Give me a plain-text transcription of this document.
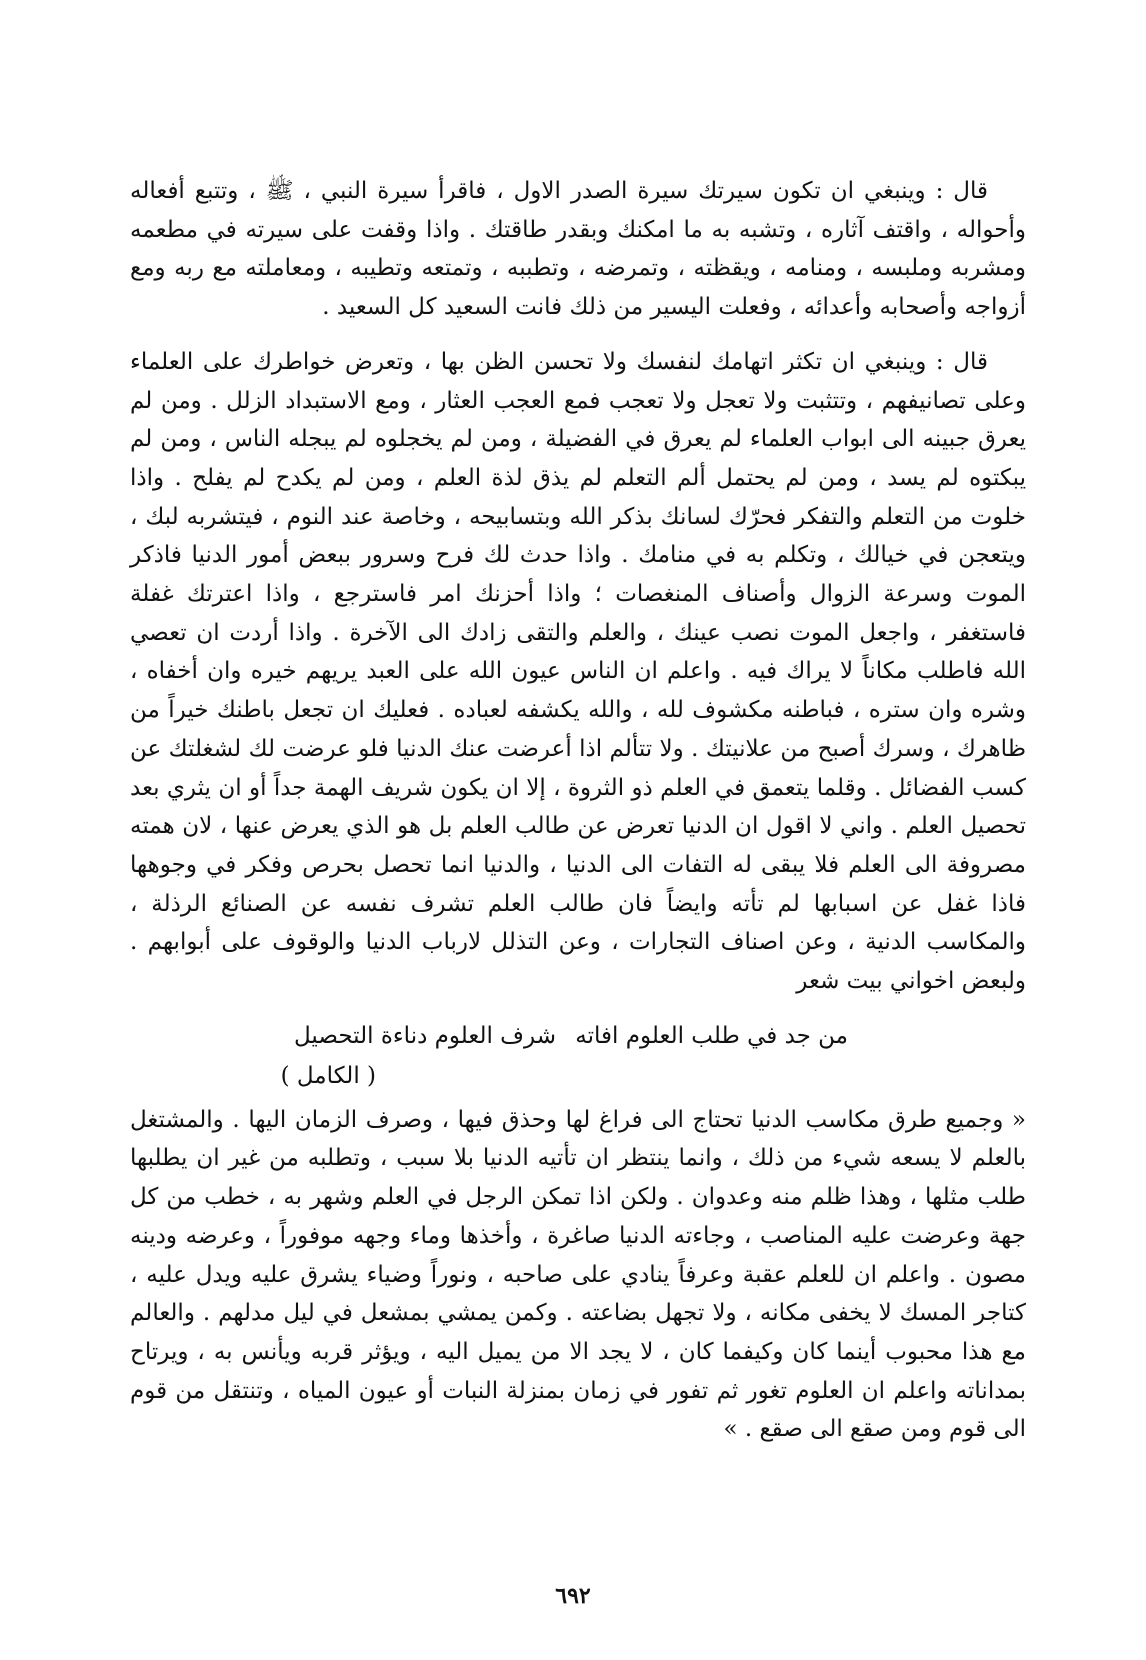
قال : وينبغي ان تكون سيرتك سيرة الصدر الاول ، فاقرأ سيرة النبي ، ﷺ ، وتتبع أفعاله وأحواله ، واقتف آثاره ، وتشبه به ما امكنك وبقدر طاقتك . واذا وقفت على سيرته في مطعمه ومشربه وملبسه ، ومنامه ، ويقظته ، وتمرضه ، وتطببه ، وتمتعه وتطيبه ، ومعاملته مع ربه ومع أزواجه وأصحابه وأعدائه ، وفعلت اليسير من ذلك فانت السعيد كل السعيد .

قال : وينبغي ان تكثر اتهامك لنفسك ولا تحسن الظن بها ، وتعرض خواطرك على العلماء وعلى تصانيفهم ، وتتثبت ولا تعجل ولا تعجب فمع العجب العثار ، ومع الاستبداد الزلل . ومن لم يعرق جبينه الى ابواب العلماء لم يعرق في الفضيلة ، ومن لم يخجلوه لم يبجله الناس ، ومن لم يبكتوه لم يسد ، ومن لم يحتمل ألم التعلم لم يذق لذة العلم ، ومن لم يكدح لم يفلح . واذا خلوت من التعلم والتفكر فحرّك لسانك بذكر الله وبتسابيحه ، وخاصة عند النوم ، فيتشربه لبك ، ويتعجن في خيالك ، وتكلم به في منامك . واذا حدث لك فرح وسرور ببعض أمور الدنيا فاذكر الموت وسرعة الزوال وأصناف المنغصات ؛ واذا أحزنك امر فاسترجع ، واذا اعترتك غفلة فاستغفر ، واجعل الموت نصب عينك ، والعلم والتقى زادك الى الآخرة . واذا أردت ان تعصي الله فاطلب مكاناً لا يراك فيه . واعلم ان الناس عيون الله على العبد يريهم خيره وان أخفاه ، وشره وان ستره ، فباطنه مكشوف لله ، والله يكشفه لعباده . فعليك ان تجعل باطنك خيراً من ظاهرك ، وسرك أصبح من علانيتك . ولا تتألم اذا أعرضت عنك الدنيا فلو عرضت لك لشغلتك عن كسب الفضائل . وقلما يتعمق في العلم ذو الثروة ، إلا ان يكون شريف الهمة جداً أو ان يثري بعد تحصيل العلم . واني لا اقول ان الدنيا تعرض عن طالب العلم بل هو الذي يعرض عنها ، لان همته مصروفة الى العلم فلا يبقى له التفات الى الدنيا ، والدنيا انما تحصل بحرص وفكر في وجوهها فاذا غفل عن اسبابها لم تأته وايضاً فان طالب العلم تشرف نفسه عن الصنائع الرذلة ، والمكاسب الدنية ، وعن اصناف التجارات ، وعن التذلل لارباب الدنيا والوقوف على أبوابهم . ولبعض اخواني بيت شعر

من جد في طلب العلوم افاته
شرف العلوم دناءة التحصيل
( الكامل )

« وجميع طرق مكاسب الدنيا تحتاج الى فراغ لها وحذق فيها ، وصرف الزمان اليها . والمشتغل بالعلم لا يسعه شيء من ذلك ، وانما ينتظر ان تأتيه الدنيا بلا سبب ، وتطلبه من غير ان يطلبها طلب مثلها ، وهذا ظلم منه وعدوان . ولكن اذا تمكن الرجل في العلم وشهر به ، خطب من كل جهة وعرضت عليه المناصب ، وجاءته الدنيا صاغرة ، وأخذها وماء وجهه موفوراً ، وعرضه ودينه مصون . واعلم ان للعلم عقبة وعرفاً ينادي على صاحبه ، ونوراً وضياء يشرق عليه ويدل عليه ، كتاجر المسك لا يخفى مكانه ، ولا تجهل بضاعته . وكمن يمشي بمشعل في ليل مدلهم . والعالم مع هذا محبوب أينما كان وكيفما كان ، لا يجد الا من يميل اليه ، ويؤثر قربه ويأنس به ، ويرتاح بمداناته واعلم ان العلوم تغور ثم تفور في زمان بمنزلة النبات أو عيون المياه ، وتنتقل من قوم الى قوم ومن صقع الى صقع . »

٦٩٢
